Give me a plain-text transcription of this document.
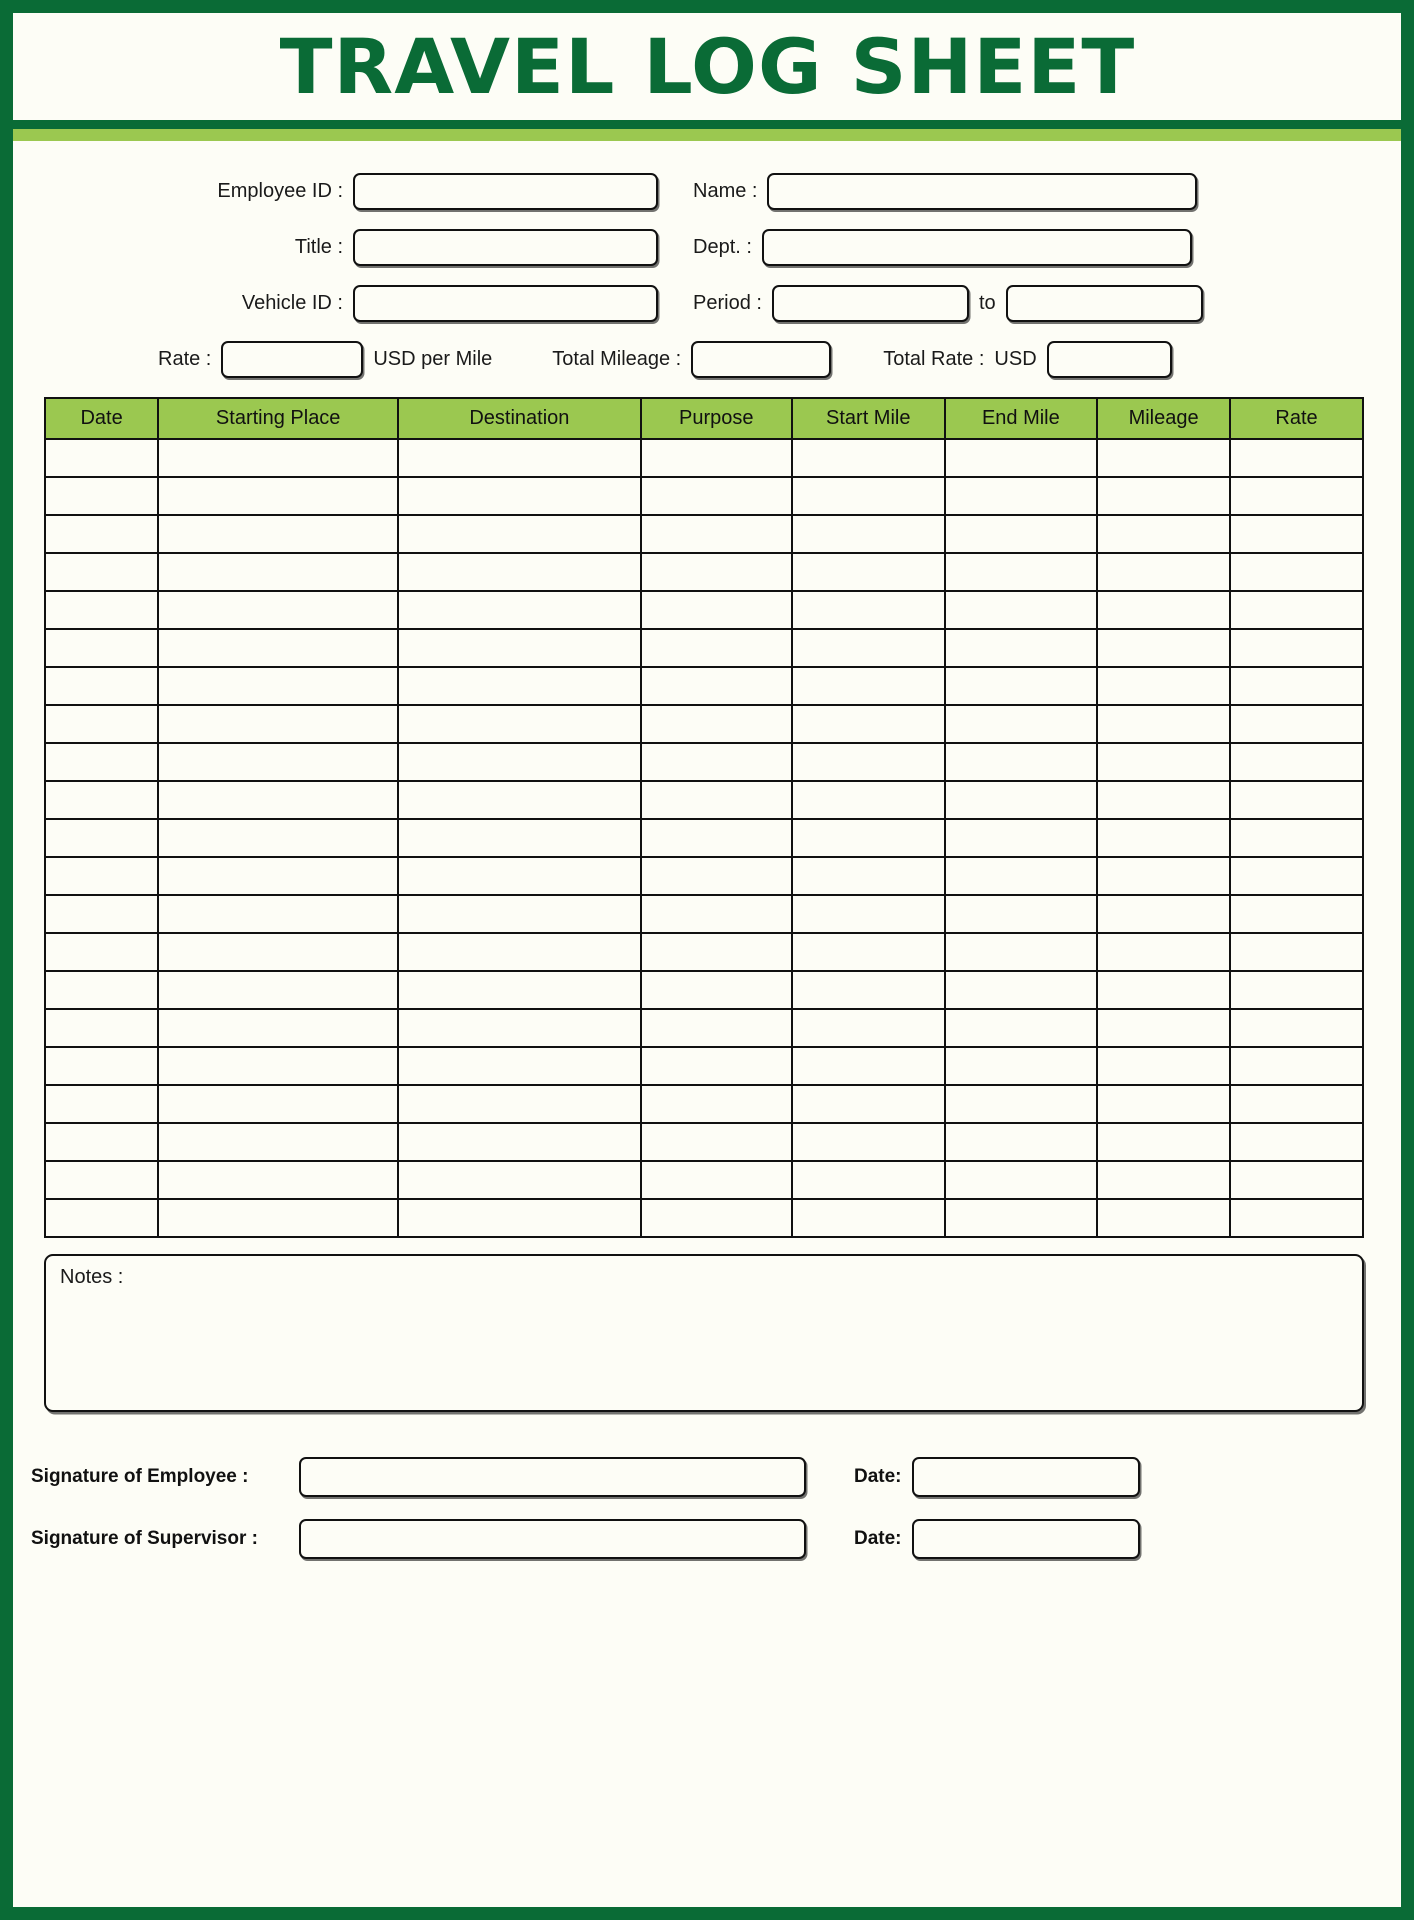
TRAVEL LOG SHEET
Employee ID :	Name :
Title :	Dept. :
Vehicle ID :	Period :	to
Rate :	USD per Mile	Total Mileage :	Total Rate : USD
Date	Starting Place	Destination	Purpose	Start Mile	End Mile	Mileage	Rate

Notes :
Signature of Employee :	Date:
Signature of Supervisor :	Date:
